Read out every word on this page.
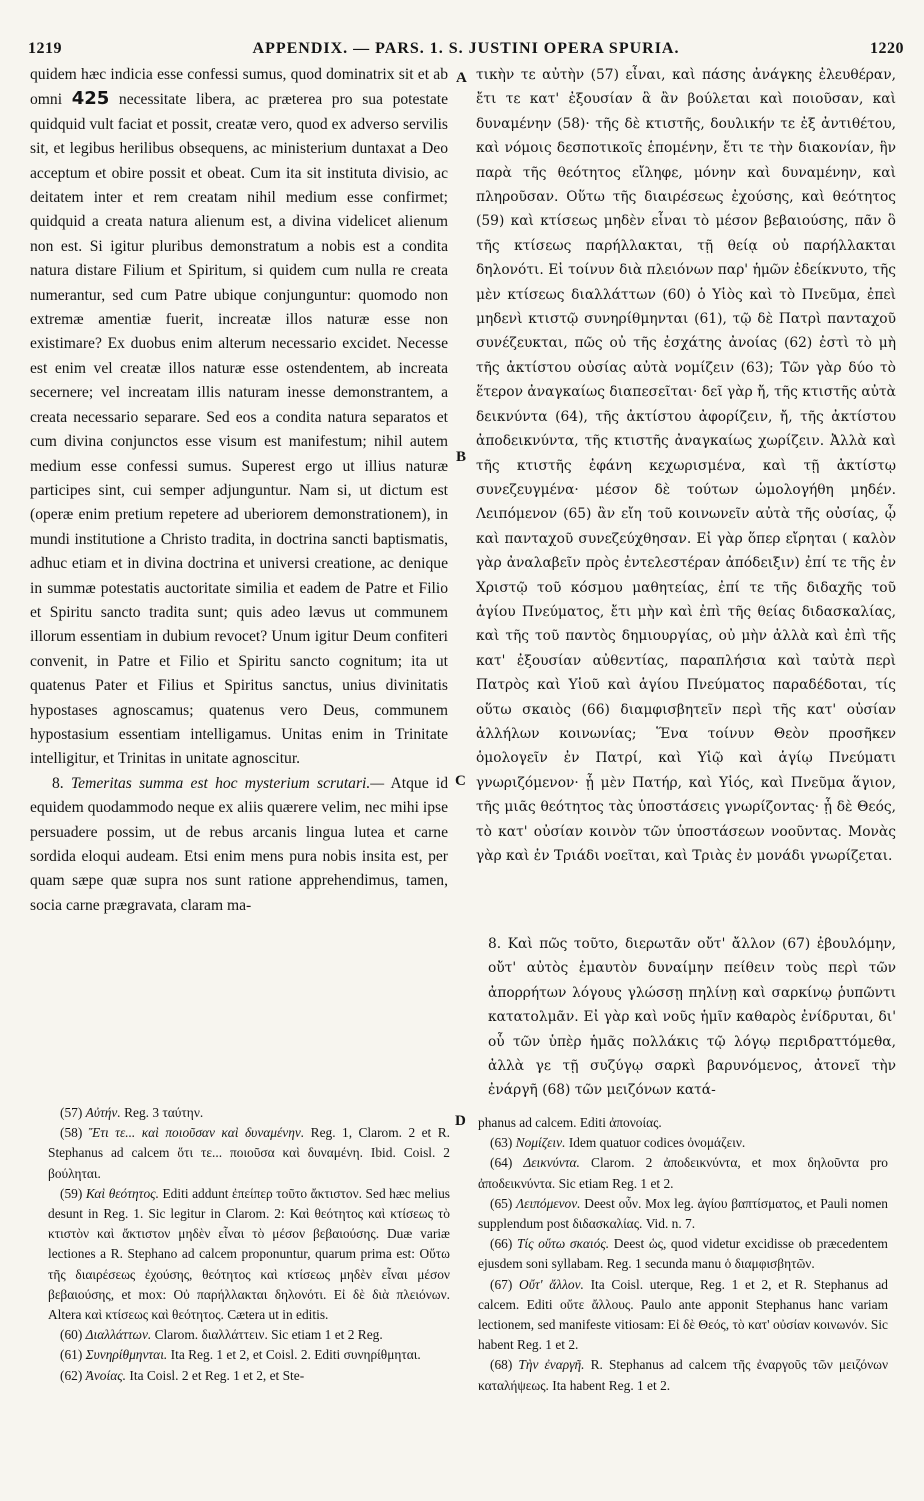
1219	APPENDIX. — PARS. 1. S. JUSTINI OPERA SPURIA.	1220
A
B
C
D

quidem hæc indicia esse confessi sumus, quod dominatrix sit et ab omni 425 necessitate libera, ac præterea pro sua potestate quidquid vult faciat et possit, creatæ vero, quod ex adverso servilis sit, et legibus herilibus obsequens, ac ministerium duntaxat a Deo acceptum et obire possit et obeat. Cum ita sit instituta divisio, ac deitatem inter et rem creatam nihil medium esse confirmet; quidquid a creata natura alienum est, a divina videlicet alienum non est. Si igitur pluribus demonstratum a nobis est a condita natura distare Filium et Spiritum, si quidem cum nulla re creata numerantur, sed cum Patre ubique conjunguntur: quomodo non extremæ amentiæ fuerit, increatæ illos naturæ esse non existimare? Ex duobus enim alterum necessario excidet. Necesse est enim vel creatæ illos naturæ esse ostendentem, ab increata secernere; vel increatam illis naturam inesse demonstrantem, a creata necessario separare. Sed eos a condita natura separatos et cum divina conjunctos esse visum est manifestum; nihil autem medium esse confessi sumus. Superest ergo ut illius naturæ participes sint, cui semper adjunguntur. Nam si, ut dictum est (operæ enim pretium repetere ad uberiorem demonstrationem), in mundi institutione a Christo tradita, in doctrina sancti baptismatis, adhuc etiam et in divina doctrina et universi creatione, ac denique in summæ potestatis auctoritate similia et eadem de Patre et Filio et Spiritu sancto tradita sunt; quis adeo lævus ut communem illorum essentiam in dubium revocet? Unum igitur Deum confiteri convenit, in Patre et Filio et Spiritu sancto cognitum; ita ut quatenus Pater et Filius et Spiritus sanctus, unius divinitatis hypostases agnoscamus; quatenus vero Deus, communem hypostasium essentiam intelligamus. Unitas enim in Trinitate intelligitur, et Trinitas in unitate agnoscitur.

8. Temeritas summa est hoc mysterium scrutari.— Atque id equidem quodammodo neque ex aliis quærere velim, nec mihi ipse persuadere possim, ut de rebus arcanis lingua lutea et carne sordida eloqui audeam. Etsi enim mens pura nobis insita est, per quam sæpe quæ supra nos sunt ratione apprehendimus, tamen, socia carne prægravata, claram ma-

τικὴν τε αὐτὴν (57) εἶναι, καὶ πάσης ἀνάγκης ἐλευθέραν, ἔτι τε κατ' ἐξουσίαν ἃ ἂν βούλεται καὶ ποιοῦσαν, καὶ δυναμένην (58)· τῆς δὲ κτιστῆς, δουλικήν τε ἐξ ἀντιθέτου, καὶ νόμοις δεσποτικοῖς ἑπομένην, ἔτι τε τὴν διακονίαν, ἣν παρὰ τῆς θεότητος εἴληφε, μόνην καὶ δυναμένην, καὶ πληροῦσαν. Οὕτω τῆς διαιρέσεως ἐχούσης, καὶ θεότητος (59) καὶ κτίσεως μηδὲν εἶναι τὸ μέσον βεβαιούσης, πᾶν ὃ τῆς κτίσεως παρήλλακται, τῇ θείᾳ οὐ παρήλλακται δηλονότι. Εἰ τοίνυν διὰ πλειόνων παρ' ἡμῶν ἐδείκνυτο, τῆς μὲν κτίσεως διαλλάττων (60) ὁ Υἱὸς καὶ τὸ Πνεῦμα, ἐπεὶ μηδενὶ κτιστῷ συνηρίθμηνται (61), τῷ δὲ Πατρὶ πανταχοῦ συνέζευκται, πῶς οὐ τῆς ἐσχάτης ἀνοίας (62) ἐστὶ τὸ μὴ τῆς ἀκτίστου οὐσίας αὐτὰ νομίζειν (63); Τῶν γὰρ δύο τὸ ἕτερον ἀναγκαίως διαπεσεῖται· δεῖ γὰρ ἤ, τῆς κτιστῆς αὐτὰ δεικνύντα (64), τῆς ἀκτίστου ἀφορίζειν, ἤ, τῆς ἀκτίστου ἀποδεικνύντα, τῆς κτιστῆς ἀναγκαίως χωρίζειν. Ἀλλὰ καὶ τῆς κτιστῆς ἐφάνη κεχωρισμένα, καὶ τῇ ἀκτίστῳ συνεζευγμένα· μέσον δὲ τούτων ὡμολογήθη μηδέν. Λειπόμενον (65) ἂν εἴη τοῦ κοινωνεῖν αὐτὰ τῆς οὐσίας, ᾧ καὶ πανταχοῦ συνεζεύχθησαν. Εἰ γὰρ ὅπερ εἴρηται ( καλὸν γὰρ ἀναλαβεῖν πρὸς ἐντελεστέραν ἀπόδειξιν) ἐπί τε τῆς ἐν Χριστῷ τοῦ κόσμου μαθητείας, ἐπί τε τῆς διδαχῆς τοῦ ἁγίου Πνεύματος, ἔτι μὴν καὶ ἐπὶ τῆς θείας διδασκαλίας, καὶ τῆς τοῦ παντὸς δημιουργίας, οὐ μὴν ἀλλὰ καὶ ἐπὶ τῆς κατ' ἐξουσίαν αὐθεντίας, παραπλήσια καὶ ταὐτὰ περὶ Πατρὸς καὶ Υἱοῦ καὶ ἁγίου Πνεύματος παραδέδοται, τίς οὕτω σκαιὸς (66) διαμφισβητεῖν περὶ τῆς κατ' οὐσίαν ἀλλήλων κοινωνίας; Ἕνα τοίνυν Θεὸν προσῆκεν ὁμολογεῖν ἐν Πατρί, καὶ Υἱῷ καὶ ἁγίῳ Πνεύματι γνωριζόμενον· ᾗ μὲν Πατήρ, καὶ Υἱός, καὶ Πνεῦμα ἅγιον, τῆς μιᾶς θεότητος τὰς ὑποστάσεις γνωρίζοντας· ᾗ δὲ Θεός, τὸ κατ' οὐσίαν κοινὸν τῶν ὑποστάσεων νοοῦντας. Μονὰς γὰρ καὶ ἐν Τριάδι νοεῖται, καὶ Τριὰς ἐν μονάδι γνωρίζεται.

8. Καὶ πῶς τοῦτο, διερωτᾶν οὔτ' ἄλλον (67) ἐβουλόμην, οὔτ' αὐτὸς ἐμαυτὸν δυναίμην πείθειν τοὺς περὶ τῶν ἀπορρήτων λόγους γλώσσῃ πηλίνῃ καὶ σαρκίνῳ ῥυπῶντι κατατολμᾶν. Εἰ γὰρ καὶ νοῦς ἡμῖν καθαρὸς ἐνίδρυται, δι' οὗ τῶν ὑπὲρ ἡμᾶς πολλάκις τῷ λόγῳ περιδραττόμεθα, ἀλλὰ γε τῇ συζύγῳ σαρκὶ βαρυνόμενος, ἀτονεῖ τὴν ἐνάργῆ (68) τῶν μειζόνων κατά-

(57) Αὐτήν. Reg. 3 ταύτην.

(58) Ἔτι τε... καὶ ποιοῦσαν καὶ δυναμένην. Reg. 1, Clarom. 2 et R. Stephanus ad calcem ὅτι τε... ποιοῦσα καὶ δυναμένη. Ibid. Coisl. 2 βούληται.

(59) Καὶ θεότητος. Editi addunt ἐπείπερ τοῦτο ἄκτιστον. Sed hæc melius desunt in Reg. 1. Sic legitur in Clarom. 2: Καὶ θεότητος καὶ κτίσεως τὸ κτιστὸν καὶ ἄκτιστον μηδὲν εἶναι τὸ μέσον βεβαιούσης. Duæ variæ lectiones a R. Stephano ad calcem proponuntur, quarum prima est: Οὕτω τῆς διαιρέσεως ἐχούσης, θεότητος καὶ κτίσεως μηδὲν εἶναι μέσον βεβαιούσης, et mox: Οὐ παρήλλακται δηλονότι. Εἰ δὲ διὰ πλειόνων. Altera καὶ κτίσεως καὶ θεότητος. Cætera ut in editis.

(60) Διαλλάττων. Clarom. διαλλάττειν. Sic etiam 1 et 2 Reg.

(61) Συνηρίθμηνται. Ita Reg. 1 et 2, et Coisl. 2. Editi συνηρίθμηται.

(62) Ἀνοίας. Ita Coisl. 2 et Reg. 1 et 2, et Ste-

phanus ad calcem. Editi ἀπονοίας.

(63) Νομίζειν. Idem quatuor codices ὀνομάζειν.

(64) Δεικνύντα. Clarom. 2 ἀποδεικνύντα, et mox δηλοῦντα pro ἀποδεικνύντα. Sic etiam Reg. 1 et 2.

(65) Λειπόμενον. Deest οὖν. Mox leg. ἁγίου βαπτίσματος, et Pauli nomen supplendum post διδασκαλίας. Vid. n. 7.

(66) Τίς οὕτω σκαιός. Deest ὡς, quod videtur excidisse ob præcedentem ejusdem soni syllabam. Reg. 1 secunda manu ὁ διαμφισβητῶν.

(67) Οὔτ' ἄλλον. Ita Coisl. uterque, Reg. 1 et 2, et R. Stephanus ad calcem. Editi οὔτε ἄλλους. Paulo ante apponit Stephanus hanc variam lectionem, sed manifeste vitiosam: Εἰ δὲ Θεός, τὸ κατ' οὐσίαν κοινωνόν. Sic habent Reg. 1 et 2.

(68) Τὴν ἐναργῆ. R. Stephanus ad calcem τῆς ἐναργοῦς τῶν μειζόνων καταλήψεως. Ita habent Reg. 1 et 2.
